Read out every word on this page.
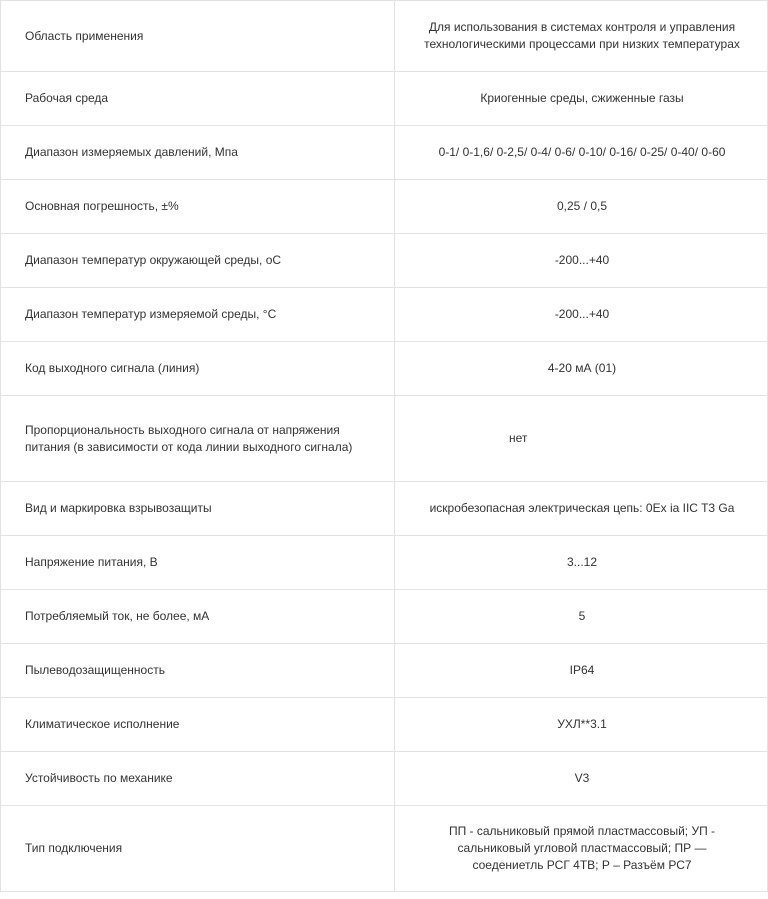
Область применения	Для использования в системах контроля и управления технологическими процессами при низких температурах
Рабочая среда	Криогенные среды, сжиженные газы
Диапазон измеряемых давлений, Мпа	0-1/ 0-1,6/ 0-2,5/ 0-4/ 0-6/ 0-10/ 0-16/ 0-25/ 0-40/ 0-60
Основная погрешность, ±%	0,25 / 0,5
Диапазон температур окружающей среды, оС	-200...+40
Диапазон температур измеряемой среды, °С	-200...+40
Код выходного сигнала (линия)	4-20 мА (01)
Пропорциональность выходного сигнала от напряжения питания (в зависимости от кода линии выходного сигнала)	нет
Вид и маркировка взрывозащиты	искробезопасная электрическая цепь: 0Ex ia IIC T3 Ga
Напряжение питания, В	3...12
Потребляемый ток, не более, мА	5
Пылеводозащищенность	IP64
Климатическое исполнение	УХЛ**3.1
Устойчивость по механике	V3
Тип подключения	ПП - сальниковый прямой пластмассовый; УП - сальниковый угловой пластмассовый; ПР — соедениетль РСГ 4ТВ; Р – Разъём РС7
